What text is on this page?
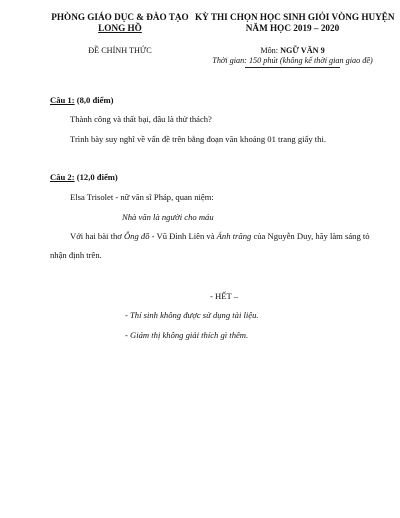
PHÒNG GIÁO DỤC & ĐÀO TẠO
LONG HỒ
ĐỀ CHÍNH THỨC
KỲ THI CHỌN HỌC SINH GIỎI VÒNG HUYỆN
NĂM HỌC 2019 – 2020
Môn: NGỮ VĂN 9
Thời gian: 150 phút (không kể thời gian giao đề)
Câu 1: (8,0 điểm)
Thành công và thất bại, đâu là thử thách?
Trình bày suy nghĩ về vấn đề trên bằng đoạn văn khoảng 01 trang giấy thi.
Câu 2: (12,0 điểm)
Elsa Trisolet - nữ văn sĩ Pháp, quan niệm:
Nhà văn là người cho máu
Với hai bài thơ Ông đồ - Vũ Đình Liên và Ánh trăng của Nguyễn Duy, hãy làm sáng tỏ
nhận định trên.
- HẾT –
- Thí sinh không được sử dụng tài liệu.
- Giám thị không giải thích gì thêm.
